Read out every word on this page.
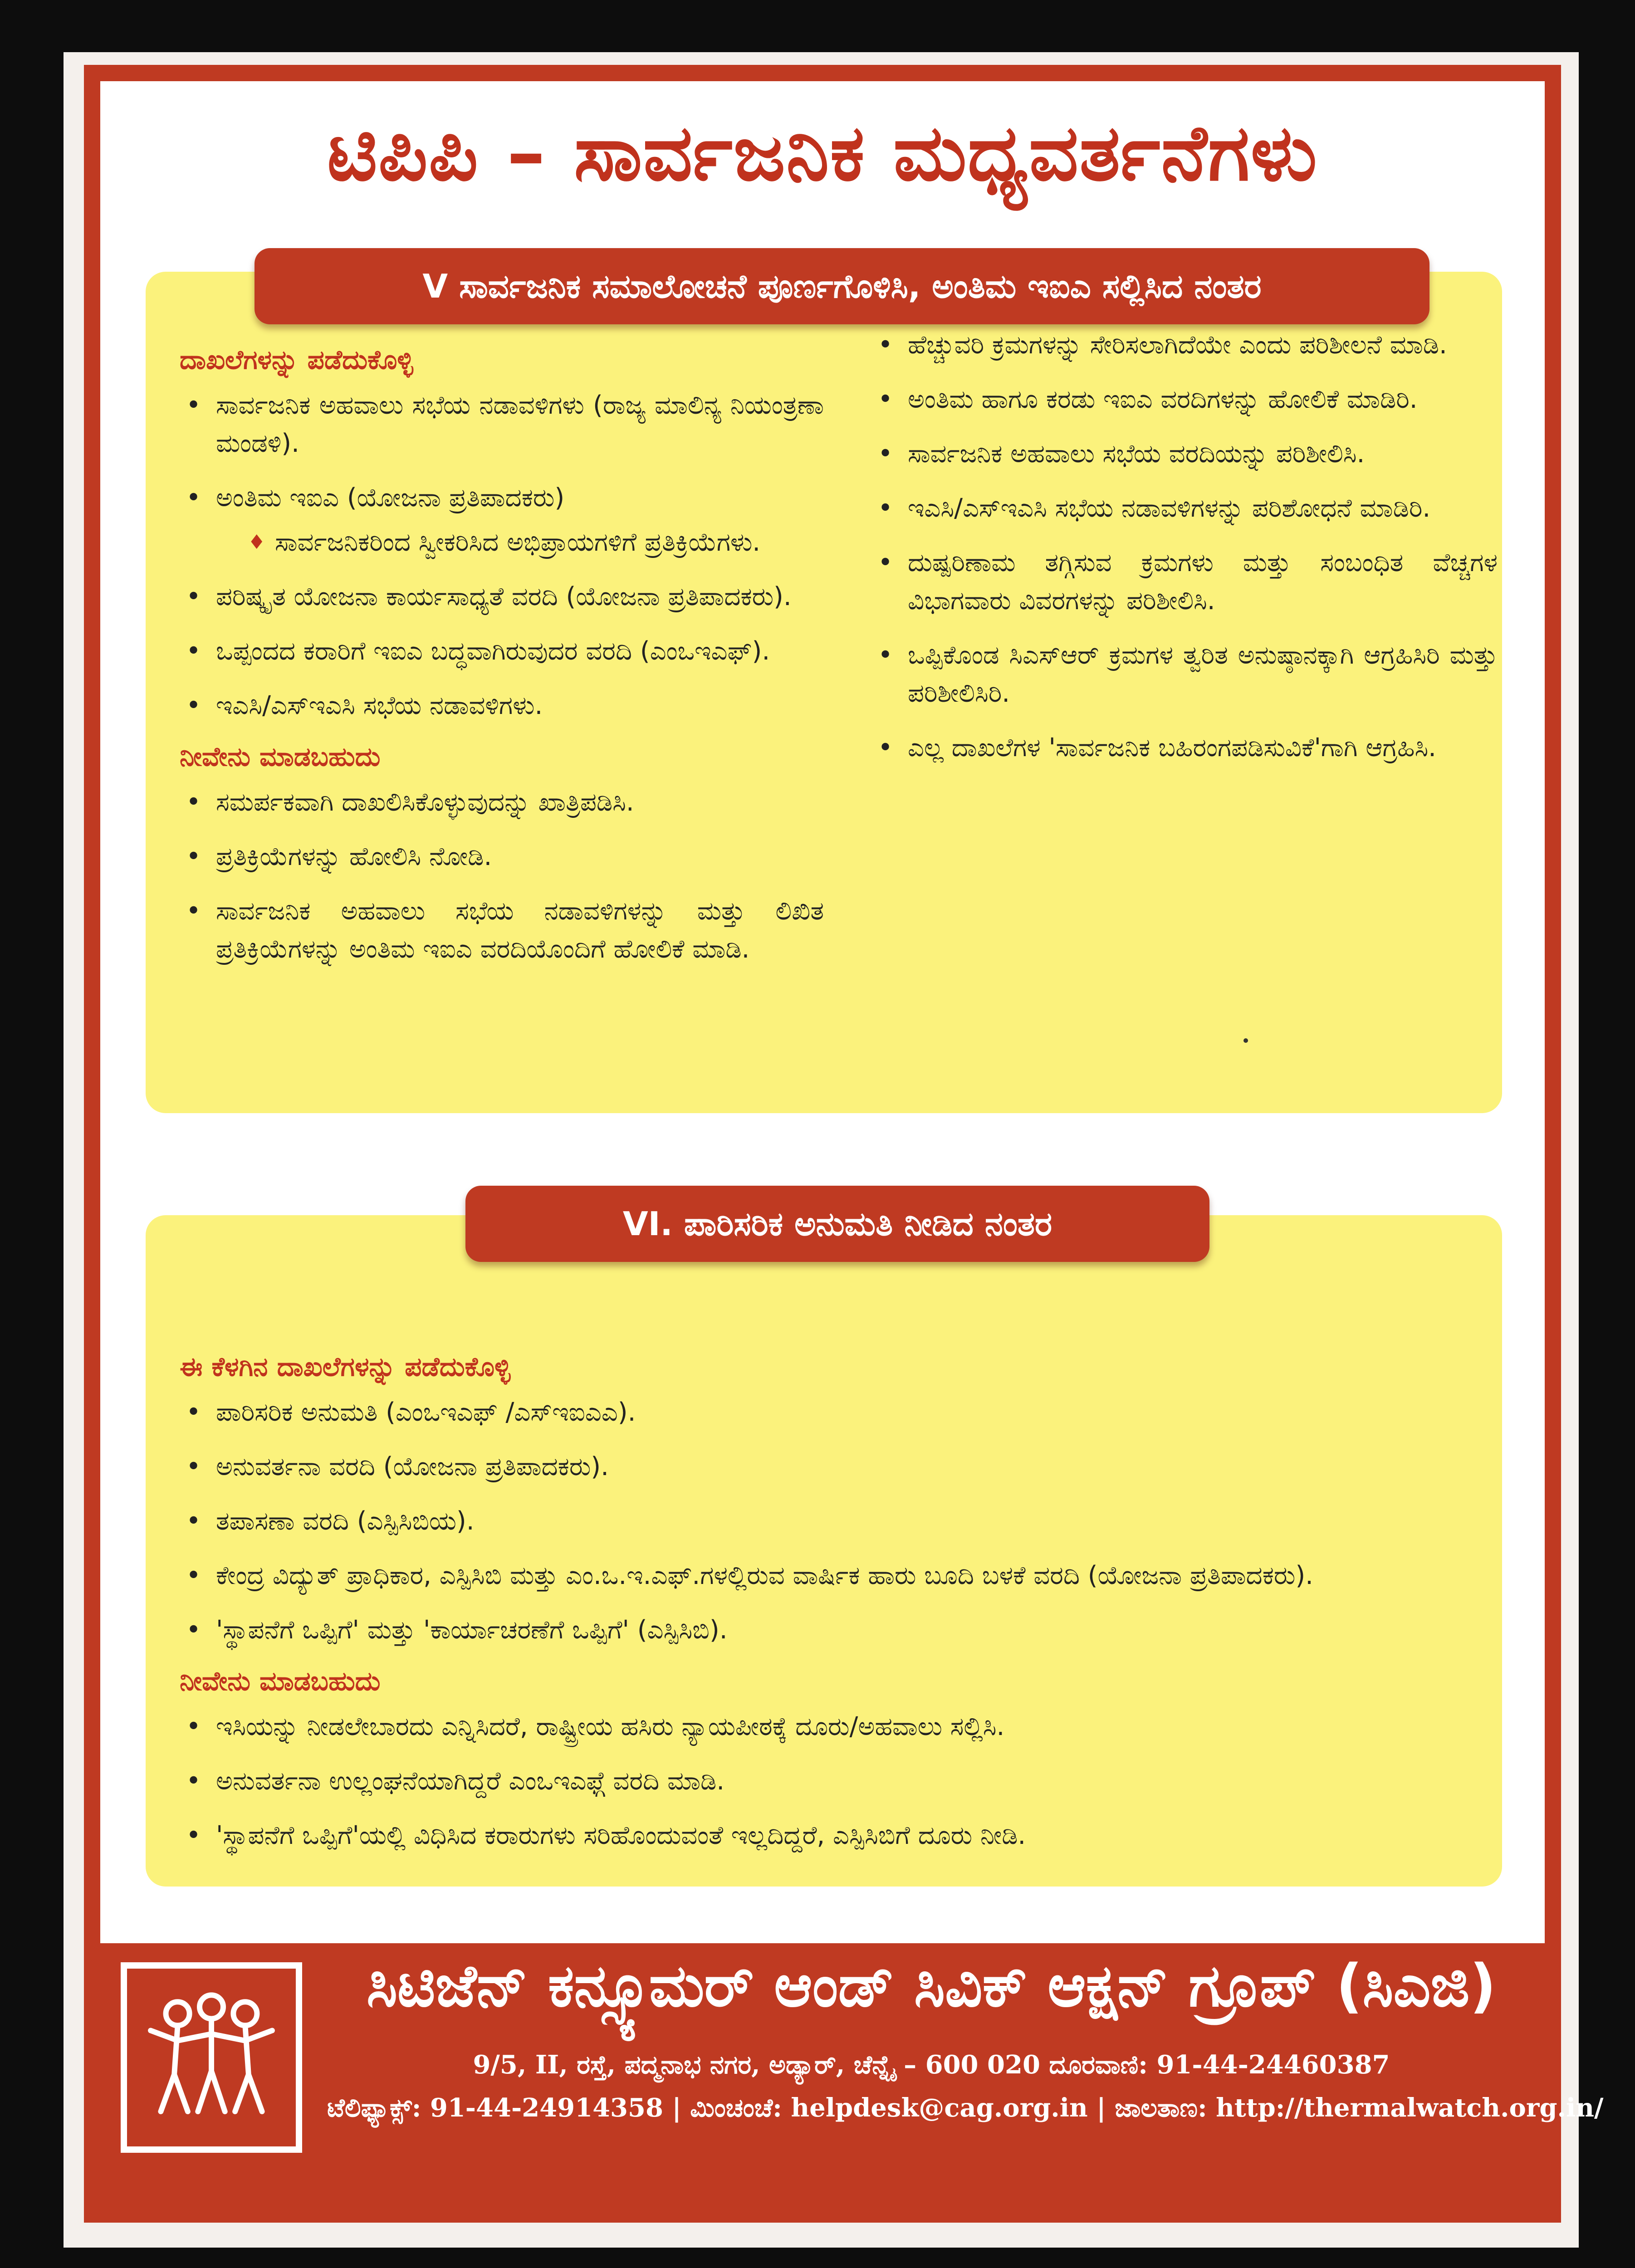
ಟಿಪಿಪಿ – ಸಾರ್ವಜನಿಕ ಮಧ್ಯವರ್ತನೆಗಳು
V ಸಾರ್ವಜನಿಕ ಸಮಾಲೋಚನೆ ಪೂರ್ಣಗೊಳಿಸಿ, ಅಂತಿಮ ಇಐಎ ಸಲ್ಲಿಸಿದ ನಂತರ
ದಾಖಲೆಗಳನ್ನು ಪಡೆದುಕೊಳ್ಳಿ
• ಸಾರ್ವಜನಿಕ ಅಹವಾಲು ಸಭೆಯ ನಡಾವಳಿಗಳು (ರಾಜ್ಯ ಮಾಲಿನ್ಯ ನಿಯಂತ್ರಣಾ ಮಂಡಳಿ).
• ಅಂತಿಮ ಇಐಎ (ಯೋಜನಾ ಪ್ರತಿಪಾದಕರು)
♦ ಸಾರ್ವಜನಿಕರಿಂದ ಸ್ವೀಕರಿಸಿದ ಅಭಿಪ್ರಾಯಗಳಿಗೆ ಪ್ರತಿಕ್ರಿಯೆಗಳು.
• ಪರಿಷ್ಕೃತ ಯೋಜನಾ ಕಾರ್ಯಸಾಧ್ಯತೆ ವರದಿ (ಯೋಜನಾ ಪ್ರತಿಪಾದಕರು).
• ಒಪ್ಪಂದದ ಕರಾರಿಗೆ ಇಐಎ ಬದ್ಧವಾಗಿರುವುದರ ವರದಿ (ಎಂಒಇಎಫ್).
• ಇಎಸಿ/ಎಸ್ಇಎಸಿ ಸಭೆಯ ನಡಾವಳಿಗಳು.
ನೀವೇನು ಮಾಡಬಹುದು
• ಸಮರ್ಪಕವಾಗಿ ದಾಖಲಿಸಿಕೊಳ್ಳುವುದನ್ನು ಖಾತ್ರಿಪಡಿಸಿ.
• ಪ್ರತಿಕ್ರಿಯೆಗಳನ್ನು ಹೋಲಿಸಿ ನೋಡಿ.
• ಸಾರ್ವಜನಿಕ ಅಹವಾಲು ಸಭೆಯ ನಡಾವಳಿಗಳನ್ನು ಮತ್ತು ಲಿಖಿತ ಪ್ರತಿಕ್ರಿಯೆಗಳನ್ನು ಅಂತಿಮ ಇಐಎ ವರದಿಯೊಂದಿಗೆ ಹೋಲಿಕೆ ಮಾಡಿ.
• ಹೆಚ್ಚುವರಿ ಕ್ರಮಗಳನ್ನು ಸೇರಿಸಲಾಗಿದೆಯೇ ಎಂದು ಪರಿಶೀಲನೆ ಮಾಡಿ.
• ಅಂತಿಮ ಹಾಗೂ ಕರಡು ಇಐಎ ವರದಿಗಳನ್ನು ಹೋಲಿಕೆ ಮಾಡಿರಿ.
• ಸಾರ್ವಜನಿಕ ಅಹವಾಲು ಸಭೆಯ ವರದಿಯನ್ನು ಪರಿಶೀಲಿಸಿ.
• ಇಎಸಿ/ಎಸ್ಇಎಸಿ ಸಭೆಯ ನಡಾವಳಿಗಳನ್ನು ಪರಿಶೋಧನೆ ಮಾಡಿರಿ.
• ದುಷ್ಪರಿಣಾಮ ತಗ್ಗಿಸುವ ಕ್ರಮಗಳು ಮತ್ತು ಸಂಬಂಧಿತ ವೆಚ್ಚಗಳ ವಿಭಾಗವಾರು ವಿವರಗಳನ್ನು ಪರಿಶೀಲಿಸಿ.
• ಒಪ್ಪಿಕೊಂಡ ಸಿಎಸ್ಆರ್ ಕ್ರಮಗಳ ತ್ವರಿತ ಅನುಷ್ಠಾನಕ್ಕಾಗಿ ಆಗ್ರಹಿಸಿರಿ ಮತ್ತು ಪರಿಶೀಲಿಸಿರಿ.
• ಎಲ್ಲ ದಾಖಲೆಗಳ 'ಸಾರ್ವಜನಿಕ ಬಹಿರಂಗಪಡಿಸುವಿಕೆ'ಗಾಗಿ ಆಗ್ರಹಿಸಿ.
VI. ಪಾರಿಸರಿಕ ಅನುಮತಿ ನೀಡಿದ ನಂತರ
ಈ ಕೆಳಗಿನ ದಾಖಲೆಗಳನ್ನು ಪಡೆದುಕೊಳ್ಳಿ
• ಪಾರಿಸರಿಕ ಅನುಮತಿ (ಎಂಒಇಎಫ್ /ಎಸ್ಇಐಎಎ).
• ಅನುವರ್ತನಾ ವರದಿ (ಯೋಜನಾ ಪ್ರತಿಪಾದಕರು).
• ತಪಾಸಣಾ ವರದಿ (ಎಸ್ಪಿಸಿಬಿಯ).
• ಕೇಂದ್ರ ವಿದ್ಯುತ್ ಪ್ರಾಧಿಕಾರ, ಎಸ್ಪಿಸಿಬಿ ಮತ್ತು ಎಂ.ಒ.ಇ.ಎಫ್.ಗಳಲ್ಲಿರುವ ವಾರ್ಷಿಕ ಹಾರು ಬೂದಿ ಬಳಕೆ ವರದಿ (ಯೋಜನಾ ಪ್ರತಿಪಾದಕರು).
• 'ಸ್ಥಾಪನೆಗೆ ಒಪ್ಪಿಗೆ' ಮತ್ತು 'ಕಾರ್ಯಾಚರಣೆಗೆ ಒಪ್ಪಿಗೆ' (ಎಸ್ಪಿಸಿಬಿ).
ನೀವೇನು ಮಾಡಬಹುದು
• ಇಸಿಯನ್ನು ನೀಡಲೇಬಾರದು ಎನ್ನಿಸಿದರೆ, ರಾಷ್ಟ್ರೀಯ ಹಸಿರು ನ್ಯಾಯಪೀಠಕ್ಕೆ ದೂರು/ಅಹವಾಲು ಸಲ್ಲಿಸಿ.
• ಅನುವರ್ತನಾ ಉಲ್ಲಂಘನೆಯಾಗಿದ್ದರೆ ಎಂಒಇಎಫ್ಗೆ ವರದಿ ಮಾಡಿ.
• 'ಸ್ಥಾಪನೆಗೆ ಒಪ್ಪಿಗೆ'ಯಲ್ಲಿ ವಿಧಿಸಿದ ಕರಾರುಗಳು ಸರಿಹೊಂದುವಂತೆ ಇಲ್ಲದಿದ್ದರೆ, ಎಸ್ಪಿಸಿಬಿಗೆ ದೂರು ನೀಡಿ.
ಸಿಟಿಜೆನ್ ಕನ್ಸ್ಯೂಮರ್ ಆಂಡ್ ಸಿವಿಕ್ ಆಕ್ಷನ್ ಗ್ರೂಪ್ (ಸಿಎಜಿ)
9/5, II, ರಸ್ತೆ, ಪದ್ಮನಾಭ ನಗರ, ಅಡ್ಯಾರ್, ಚೆನ್ನೈ – 600 020 ದೂರವಾಣಿ: 91-44-24460387
ಟೆಲಿಫ್ಯಾಕ್ಸ್: 91-44-24914358 | ಮಿಂಚಂಚೆ: helpdesk@cag.org.in | ಜಾಲತಾಣ: http://thermalwatch.org.in/
